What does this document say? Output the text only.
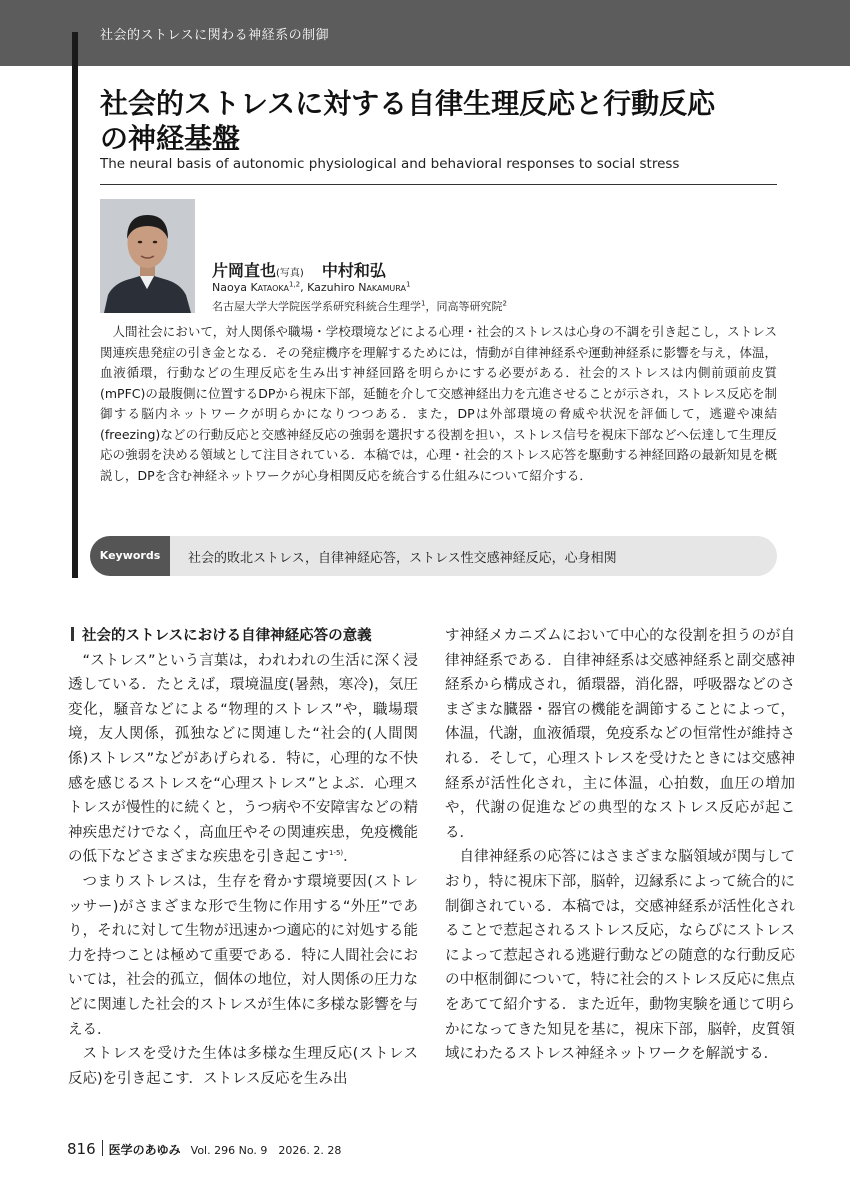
社会的ストレスに関わる神経系の制御
社会的ストレスに対する自律生理反応と行動反応
の神経基盤
The neural basis of autonomic physiological and behavioral responses to social stress
片岡直也(写真) 中村和弘
Naoya Kataoka$^{1,2}$, Kazuhiro Nakamura$^1$
名古屋大学大学院医学系研究科統合生理学$^1$，同高等研究院$^2$

人間社会において，対人関係や職場・学校環境などによる心理・社会的ストレスは心身の不調を引き起こし，ストレス関連疾患発症の引き金となる．その発症機序を理解するためには，情動が自律神経系や運動神経系に影響を与え，体温，血液循環，行動などの生理反応を生み出す神経回路を明らかにする必要がある．社会的ストレスは内側前頭前皮質(mPFC)の最腹側に位置するDPから視床下部，延髄を介して交感神経出力を亢進させることが示され，ストレス反応を制御する脳内ネットワークが明らかになりつつある．また，DPは外部環境の脅威や状況を評価して，逃避や凍結(freezing)などの行動反応と交感神経反応の強弱を選択する役割を担い，ストレス信号を視床下部などへ伝達して生理反応の強弱を決める領域として注目されている．本稿では，心理・社会的ストレス応答を駆動する神経回路の最新知見を概説し，DPを含む神経ネットワークが心身相関反応を統合する仕組みについて紹介する．

Keywords	社会的敗北ストレス，自律神経応答，ストレス性交感神経反応，心身相関
社会的ストレスにおける自律神経応答の意義

“ストレス”という言葉は，われわれの生活に深く浸透している．たとえば，環境温度(暑熱，寒冷)，気圧変化，騒音などによる“物理的ストレス”や，職場環境，友人関係，孤独などに関連した“社会的(人間関係)ストレス”などがあげられる．特に，心理的な不快感を感じるストレスを“心理ストレス”とよぶ．心理ストレスが慢性的に続くと，うつ病や不安障害などの精神疾患だけでなく，高血圧やその関連疾患，免疫機能の低下などさまざまな疾患を引き起こす$^{1-5)}$．

つまりストレスは，生存を脅かす環境要因(ストレッサー)がさまざまな形で生物に作用する“外圧”であり，それに対して生物が迅速かつ適応的に対処する能力を持つことは極めて重要である．特に人間社会においては，社会的孤立，個体の地位，対人関係の圧力などに関連した社会的ストレスが生体に多様な影響を与える．

ストレスを受けた生体は多様な生理反応(ストレス反応)を引き起こす．ストレス反応を生み出

す神経メカニズムにおいて中心的な役割を担うのが自律神経系である．自律神経系は交感神経系と副交感神経系から構成され，循環器，消化器，呼吸器などのさまざまな臓器・器官の機能を調節することによって，体温，代謝，血液循環，免疫系などの恒常性が維持される．そして，心理ストレスを受けたときには交感神経系が活性化され，主に体温，心拍数，血圧の増加や，代謝の促進などの典型的なストレス反応が起こる．

自律神経系の応答にはさまざまな脳領域が関与しており，特に視床下部，脳幹，辺縁系によって統合的に制御されている．本稿では，交感神経系が活性化されることで惹起されるストレス反応，ならびにストレスによって惹起される逃避行動などの随意的な行動反応の中枢制御について，特に社会的ストレス反応に焦点をあてて紹介する．また近年，動物実験を通じて明らかになってきた知見を基に，視床下部，脳幹，皮質領域にわたるストレス神経ネットワークを解説する．

816 医学のあゆみ Vol. 296 No. 9　2026. 2. 28
